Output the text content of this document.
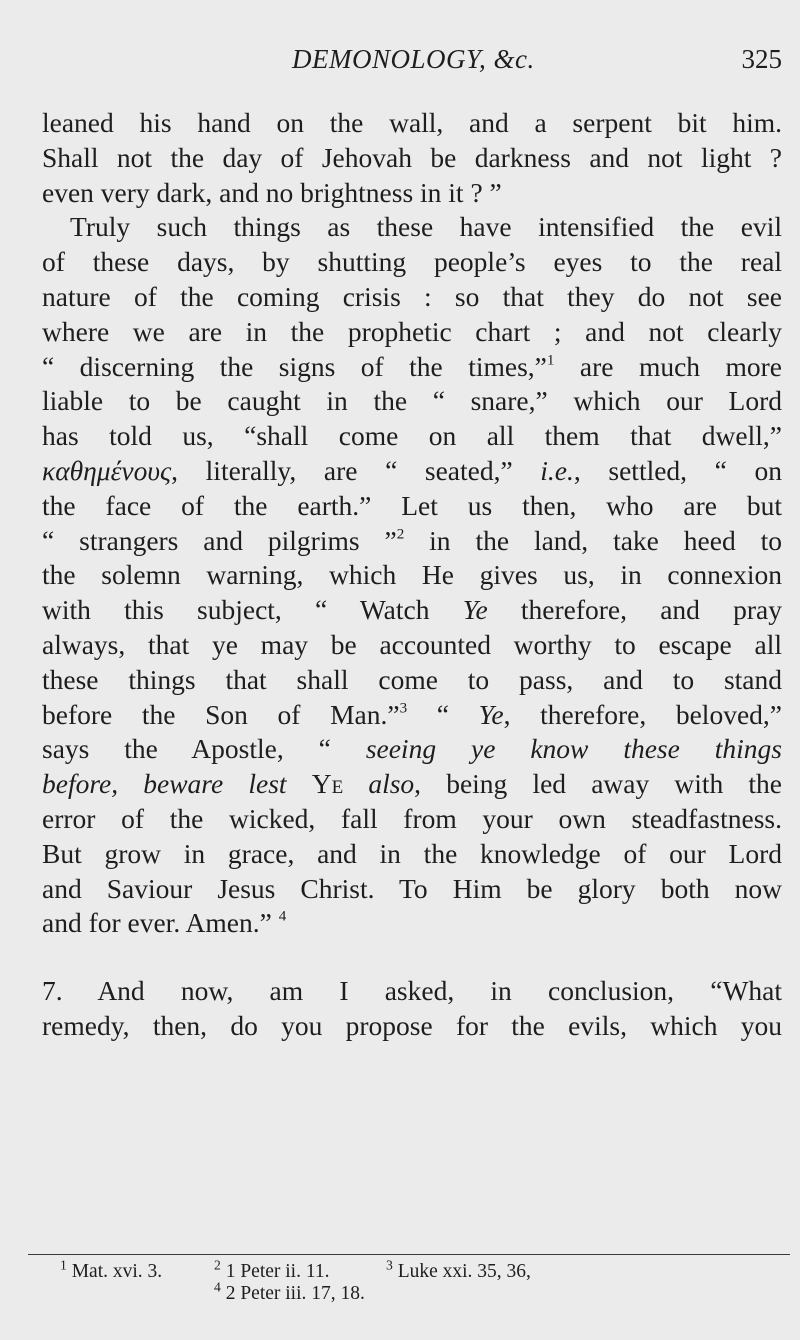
DEMONOLOGY, &c.	325
leaned his hand on the wall, and a serpent bit him.
Shall not the day of Jehovah be darkness and not light ?
even very dark, and no brightness in it ? ”
Truly such things as these have intensified the evil
of these days, by shutting people’s eyes to the real
nature of the coming crisis : so that they do not see
where we are in the prophetic chart ; and not clearly
“ discerning the signs of the times,”$^1$ are much more
liable to be caught in the “ snare,” which our Lord
has told us, “shall come on all them that dwell,”
καθημένους, literally, are “ seated,” i.e., settled, “ on
the face of the earth.” Let us then, who are but
“ strangers and pilgrims ”$^2$ in the land, take heed to
the solemn warning, which He gives us, in connexion
with this subject, “ Watch Ye therefore, and pray
always, that ye may be accounted worthy to escape all
these things that shall come to pass, and to stand
before the Son of Man.”$^3$ “ Ye, therefore, beloved,”
says the Apostle, “ seeing ye know these things
before, beware lest Ye also, being led away with the
error of the wicked, fall from your own steadfastness.
But grow in grace, and in the knowledge of our Lord
and Saviour Jesus Christ. To Him be glory both now
and for ever. Amen.” $^4$
7. And now, am I asked, in conclusion, “What
remedy, then, do you propose for the evils, which you
$^1$ Mat. xvi. 3.	$^2$ 1 Peter ii. 11.	$^3$ Luke xxi. 35, 36,
$^4$ 2 Peter iii. 17, 18.
